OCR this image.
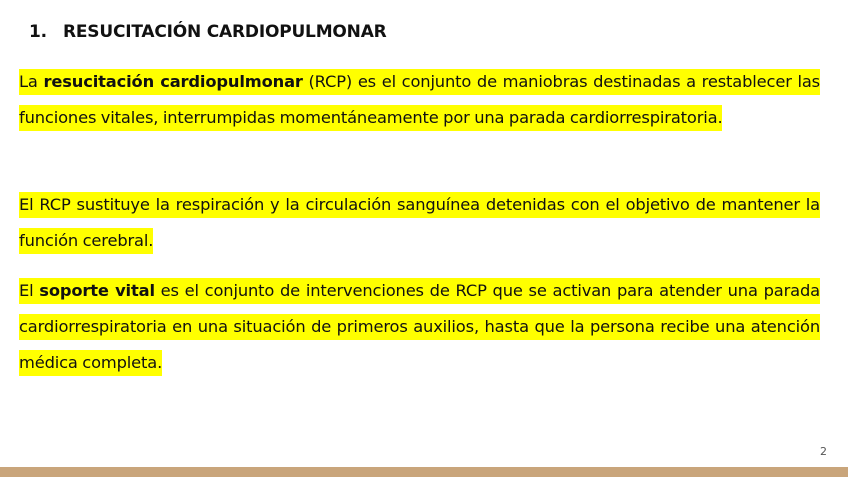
1. RESUCITACIÓN CARDIOPULMONAR

La resucitación cardiopulmonar (RCP) es el conjunto de maniobras destinadas a restablecer las funciones vitales, interrumpidas momentáneamente por una parada cardiorrespiratoria.

El RCP sustituye la respiración y la circulación sanguínea detenidas con el objetivo de mantener la función cerebral.

El soporte vital es el conjunto de intervenciones de RCP que se activan para atender una parada cardiorrespiratoria en una situación de primeros auxilios, hasta que la persona recibe una atención médica completa.

2
